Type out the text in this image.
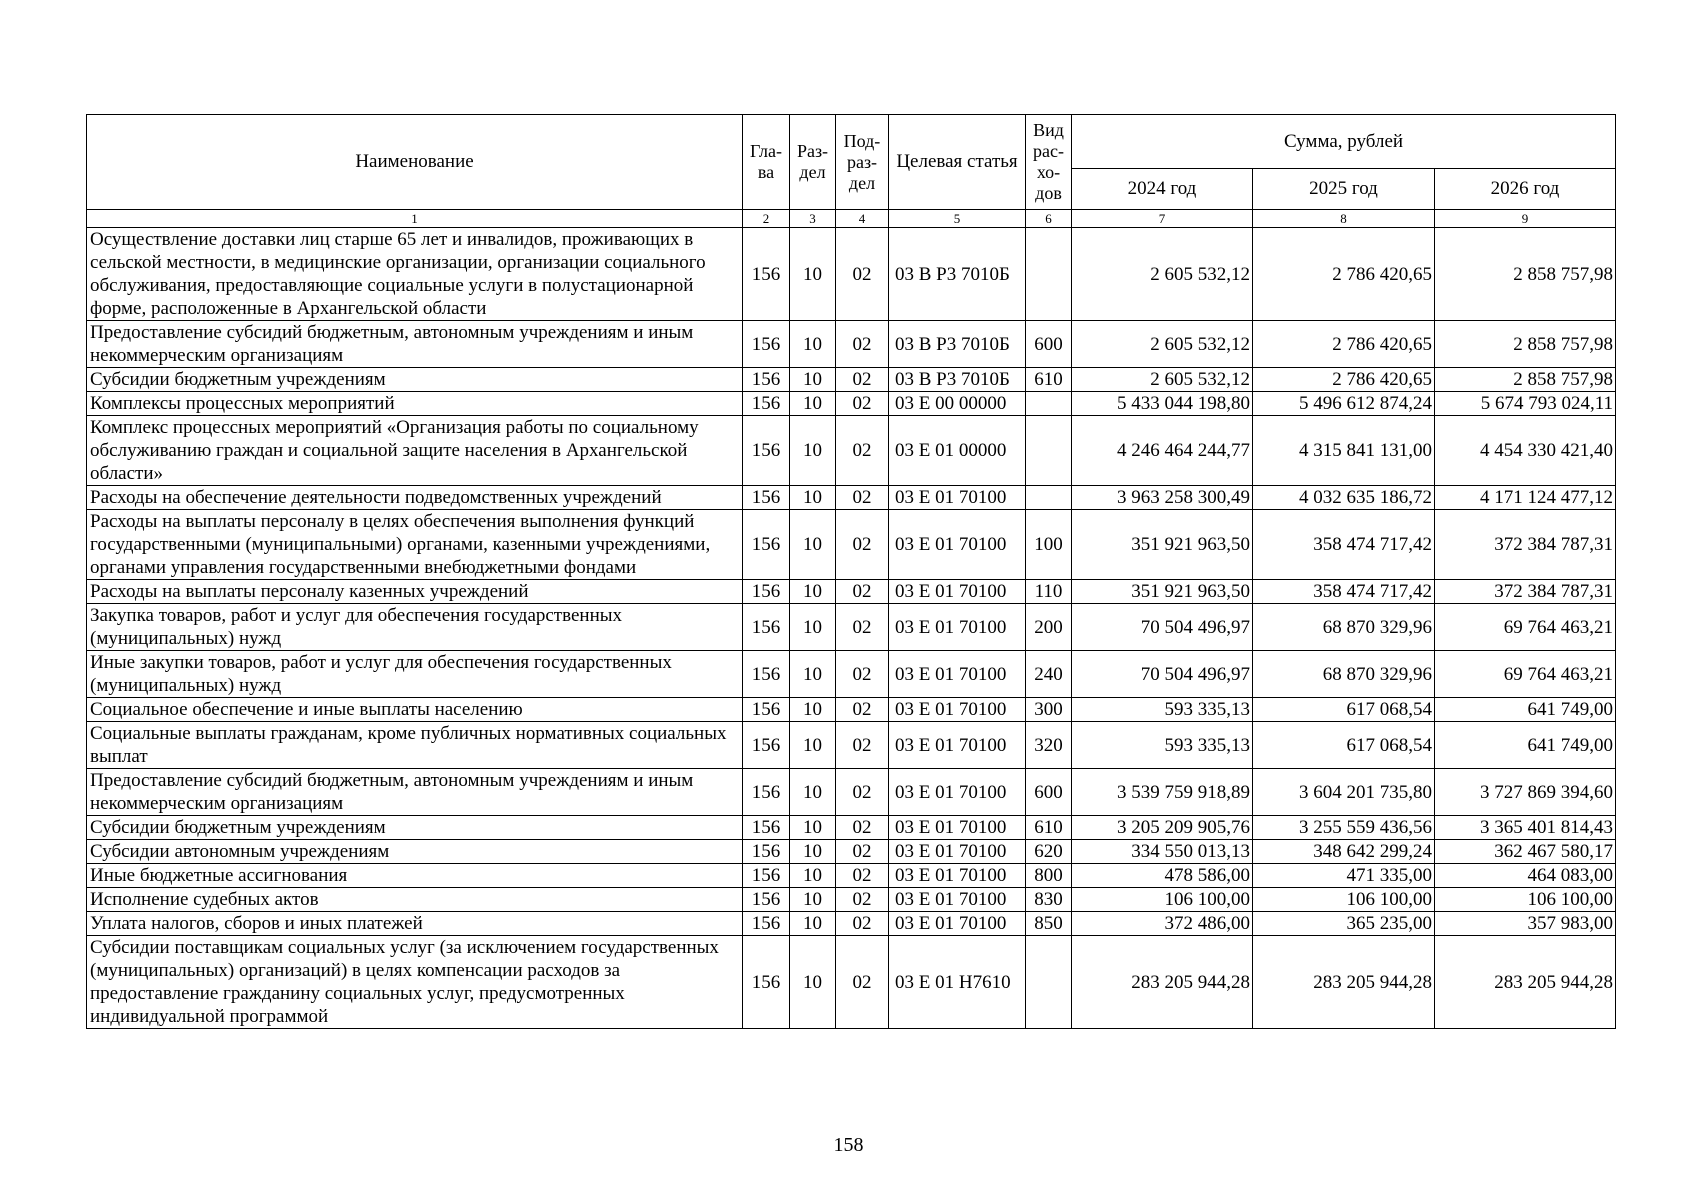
Наименование	Гла-ва	Раз-дел	Под-раз-дел	Целевая статья	Вид рас-хо-дов	Сумма, рублей		
						2024 год	2025 год	2026 год
1	2	3	4	5	6	7	8	9
Осуществление доставки лиц старше 65 лет и инвалидов, проживающих в сельской местности, в медицинские организации, организации социального обслуживания, предоставляющие социальные услуги в полустационарной форме, расположенные в Архангельской области	156	10	02	03 В Р3 7010Б		2 605 532,12	2 786 420,65	2 858 757,98
Предоставление субсидий бюджетным, автономным учреждениям и иным некоммерческим организациям	156	10	02	03 В Р3 7010Б	600	2 605 532,12	2 786 420,65	2 858 757,98
Субсидии бюджетным учреждениям	156	10	02	03 В Р3 7010Б	610	2 605 532,12	2 786 420,65	2 858 757,98
Комплексы процессных мероприятий	156	10	02	03 Е 00 00000		5 433 044 198,80	5 496 612 874,24	5 674 793 024,11
Комплекс процессных мероприятий «Организация работы по социальному обслуживанию граждан и социальной защите населения в Архангельской области»	156	10	02	03 Е 01 00000		4 246 464 244,77	4 315 841 131,00	4 454 330 421,40
Расходы на обеспечение деятельности подведомственных учреждений	156	10	02	03 Е 01 70100		3 963 258 300,49	4 032 635 186,72	4 171 124 477,12
Расходы на выплаты персоналу в целях обеспечения выполнения функций государственными (муниципальными) органами, казенными учреждениями, органами управления государственными внебюджетными фондами	156	10	02	03 Е 01 70100	100	351 921 963,50	358 474 717,42	372 384 787,31
Расходы на выплаты персоналу казенных учреждений	156	10	02	03 Е 01 70100	110	351 921 963,50	358 474 717,42	372 384 787,31
Закупка товаров, работ и услуг для обеспечения государственных (муниципальных) нужд	156	10	02	03 Е 01 70100	200	70 504 496,97	68 870 329,96	69 764 463,21
Иные закупки товаров, работ и услуг для обеспечения государственных (муниципальных) нужд	156	10	02	03 Е 01 70100	240	70 504 496,97	68 870 329,96	69 764 463,21
Социальное обеспечение и иные выплаты населению	156	10	02	03 Е 01 70100	300	593 335,13	617 068,54	641 749,00
Социальные выплаты гражданам, кроме публичных нормативных социальных выплат	156	10	02	03 Е 01 70100	320	593 335,13	617 068,54	641 749,00
Предоставление субсидий бюджетным, автономным учреждениям и иным некоммерческим организациям	156	10	02	03 Е 01 70100	600	3 539 759 918,89	3 604 201 735,80	3 727 869 394,60
Субсидии бюджетным учреждениям	156	10	02	03 Е 01 70100	610	3 205 209 905,76	3 255 559 436,56	3 365 401 814,43
Субсидии автономным учреждениям	156	10	02	03 Е 01 70100	620	334 550 013,13	348 642 299,24	362 467 580,17
Иные бюджетные ассигнования	156	10	02	03 Е 01 70100	800	478 586,00	471 335,00	464 083,00
Исполнение судебных актов	156	10	02	03 Е 01 70100	830	106 100,00	106 100,00	106 100,00
Уплата налогов, сборов и иных платежей	156	10	02	03 Е 01 70100	850	372 486,00	365 235,00	357 983,00
Субсидии поставщикам социальных услуг (за исключением государственных (муниципальных) организаций) в целях компенсации расходов за предоставление гражданину социальных услуг, предусмотренных индивидуальной программой	156	10	02	03 Е 01 Н7610		283 205 944,28	283 205 944,28	283 205 944,28
158
